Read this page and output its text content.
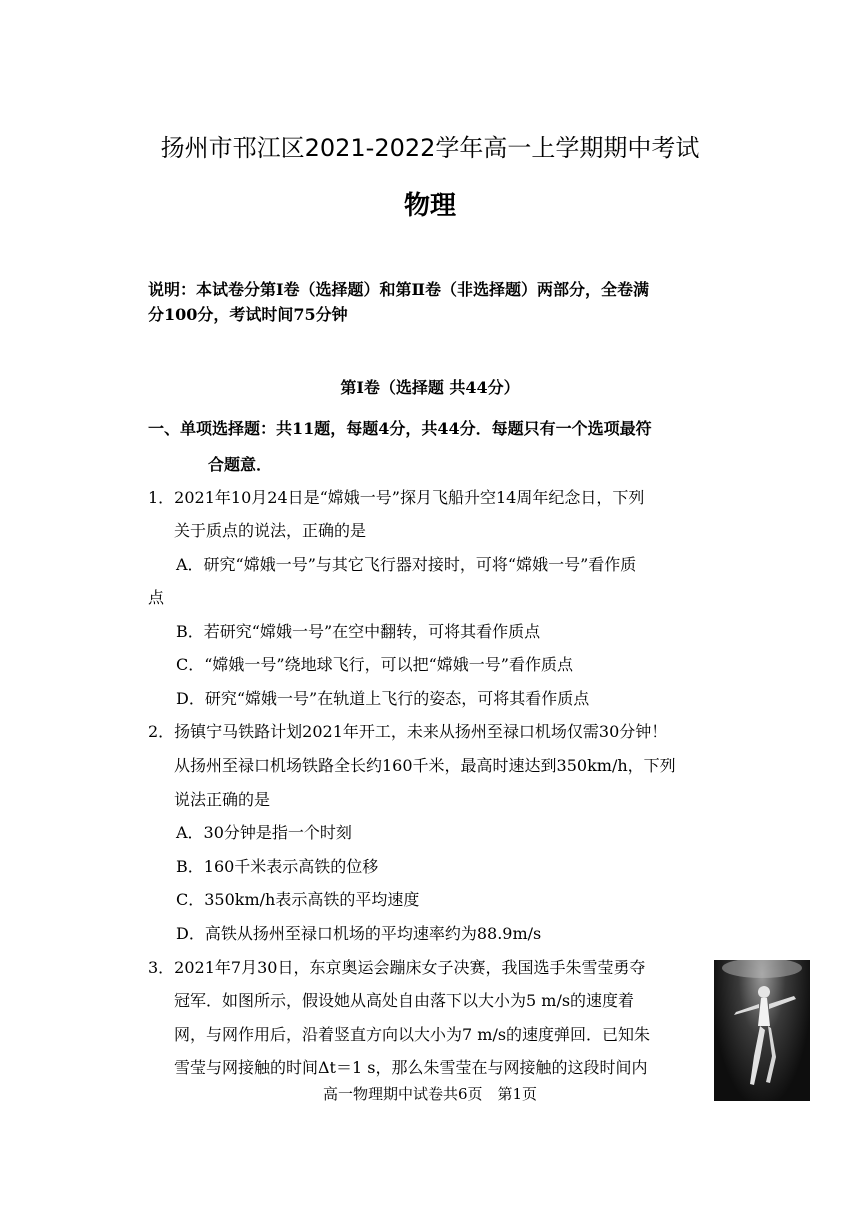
扬州市邗江区2021-2022学年高一上学期期中考试
物理
说明：本试卷分第Ⅰ卷（选择题）和第Ⅱ卷（非选择题）两部分，全卷满
分100分，考试时间75分钟
第Ⅰ卷（选择题 共44分）
一、单项选择题：共11题，每题4分，共44分．每题只有一个选项最符
合题意．
1．2021年10月24日是“嫦娥一号”探月飞船升空14周年纪念日，下列
关于质点的说法，正确的是
A．研究“嫦娥一号”与其它飞行器对接时，可将“嫦娥一号”看作质
点
B．若研究“嫦娥一号”在空中翻转，可将其看作质点
C．“嫦娥一号”绕地球飞行，可以把“嫦娥一号”看作质点
D．研究“嫦娥一号”在轨道上飞行的姿态，可将其看作质点
2．扬镇宁马铁路计划2021年开工，未来从扬州至禄口机场仅需30分钟！
从扬州至禄口机场铁路全长约160千米，最高时速达到350km/h，下列
说法正确的是
A．30分钟是指一个时刻
B．160千米表示高铁的位移
C．350km/h表示高铁的平均速度
D．高铁从扬州至禄口机场的平均速率约为88.9m/s
3．2021年7月30日，东京奥运会蹦床女子决赛，我国选手朱雪莹勇夺
冠军．如图所示，假设她从高处自由落下以大小为5 m/s的速度着
网，与网作用后，沿着竖直方向以大小为7 m/s的速度弹回．已知朱
雪莹与网接触的时间Δt＝1 s，那么朱雪莹在与网接触的这段时间内
高一物理期中试卷共6页　第1页
